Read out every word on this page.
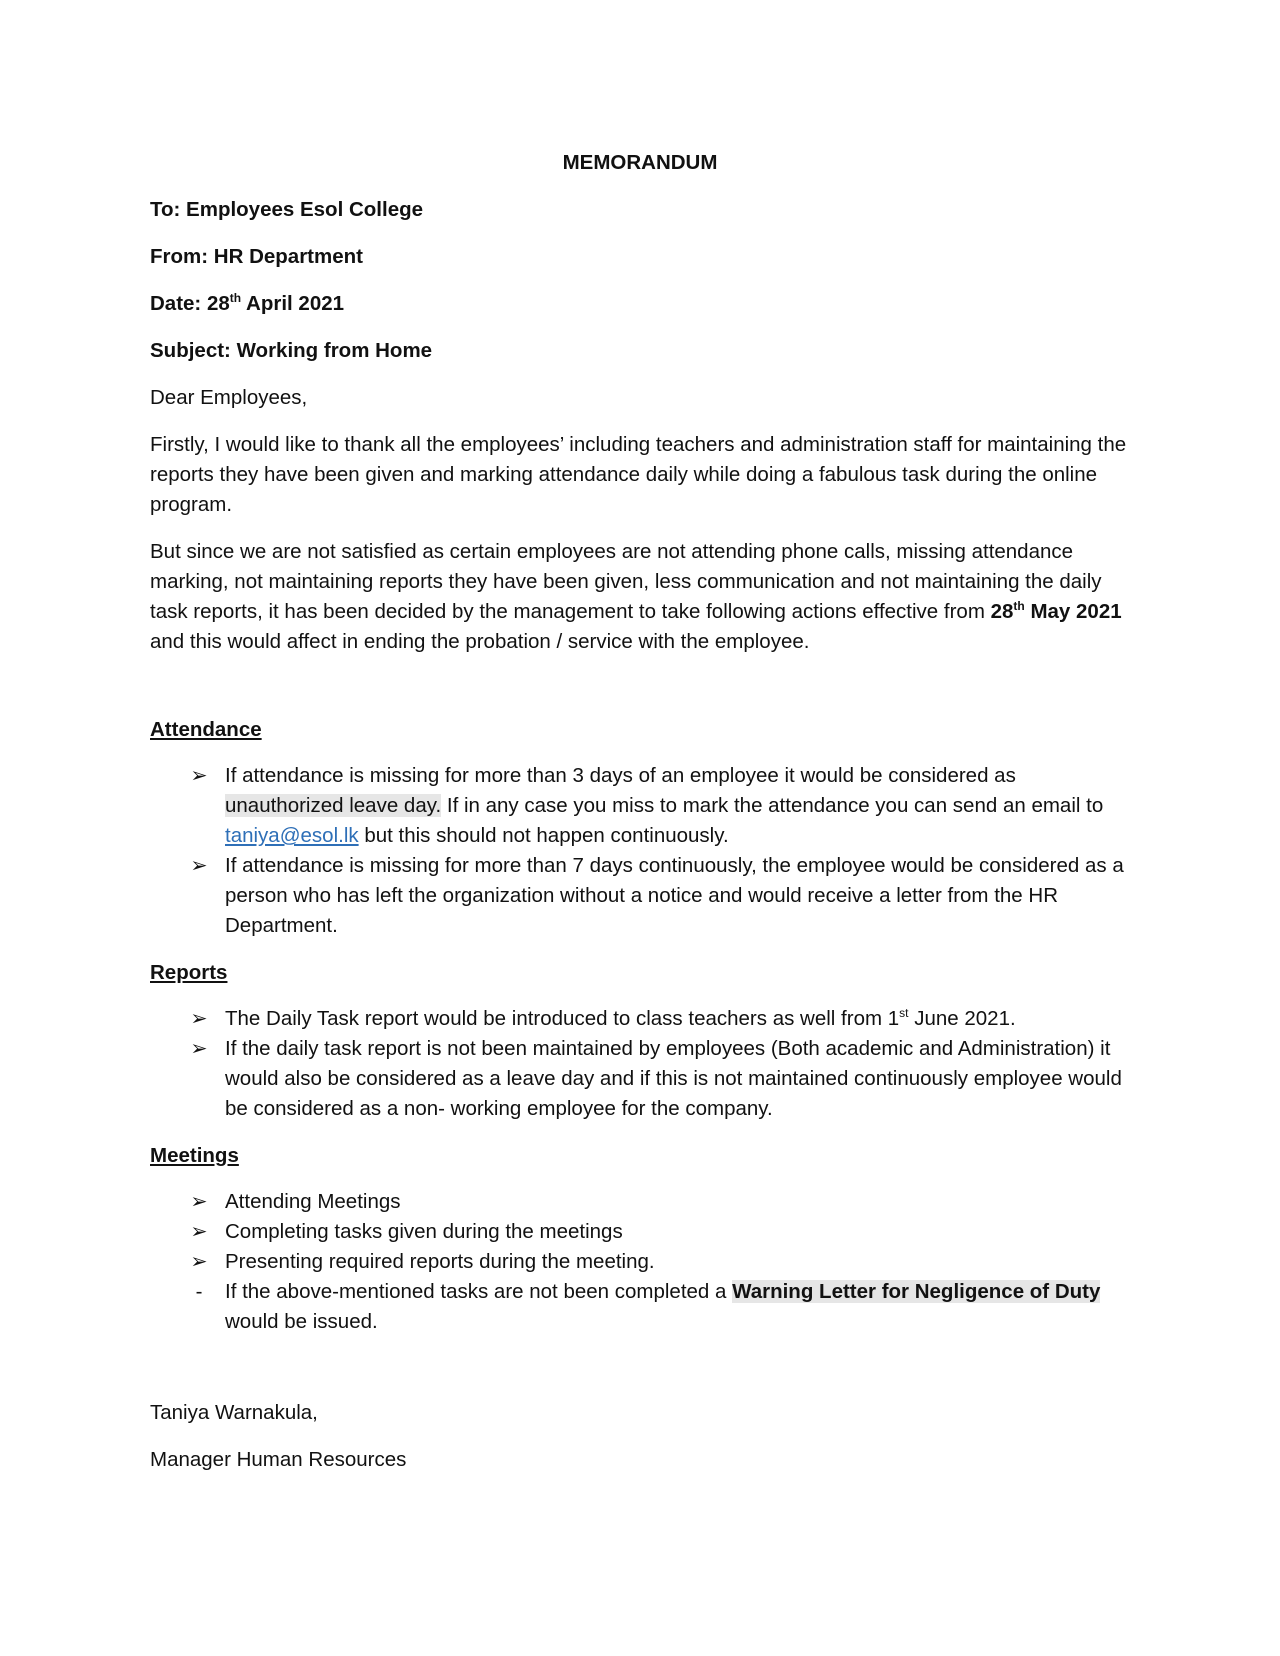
MEMORANDUM
To: Employees Esol College
From: HR Department
Date: 28th April 2021
Subject: Working from Home

Dear Employees,

Firstly, I would like to thank all the employees’ including teachers and administration staff for maintaining the reports they have been given and marking attendance daily while doing a fabulous task during the online program.

But since we are not satisfied as certain employees are not attending phone calls, missing attendance marking, not maintaining reports they have been given, less communication and not maintaining the daily task reports, it has been decided by the management to take following actions effective from 28th May 2021 and this would affect in ending the probation / service with the employee.

Attendance
➢ If attendance is missing for more than 3 days of an employee it would be considered as unauthorized leave day. If in any case you miss to mark the attendance you can send an email to taniya@esol.lk but this should not happen continuously.
➢ If attendance is missing for more than 7 days continuously, the employee would be considered as a person who has left the organization without a notice and would receive a letter from the HR Department.
Reports
➢ The Daily Task report would be introduced to class teachers as well from 1st June 2021.
➢ If the daily task report is not been maintained by employees (Both academic and Administration) it would also be considered as a leave day and if this is not maintained continuously employee would be considered as a non- working employee for the company.
Meetings
➢ Attending Meetings
➢ Completing tasks given during the meetings
➢ Presenting required reports during the meeting.
-	If the above-mentioned tasks are not been completed a Warning Letter for Negligence of Duty would be issued.

Taniya Warnakula,

Manager Human Resources
